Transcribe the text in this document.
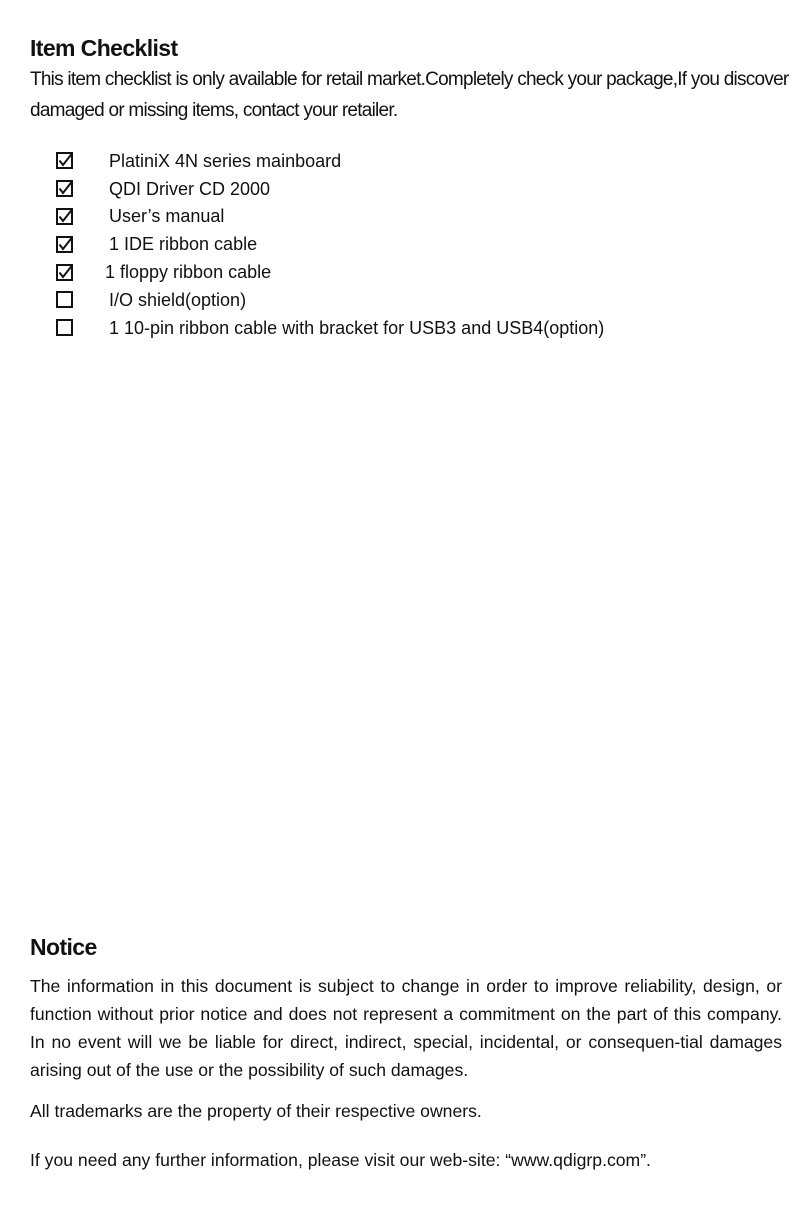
Item Checklist

This item checklist is only available for retail market.Completely check your package,If you discover damaged or missing items, contact your retailer.

PlatiniX 4N series mainboard
QDI Driver CD 2000
User’s manual
1 IDE ribbon cable
1 floppy ribbon cable
I/O shield(option)
1 10-pin ribbon cable with bracket for USB3 and USB4(option)
Notice

The information in this document is subject to change in order to improve reliability, design, or function without prior notice and does not represent a commitment on the part of this company. In no event will we be liable for direct, indirect, special, incidental, or consequen-tial damages arising out of the use or the possibility of such damages.

All trademarks are the property of their respective owners.

If you need any further information, please visit our web-site: “www.qdigrp.com”.
